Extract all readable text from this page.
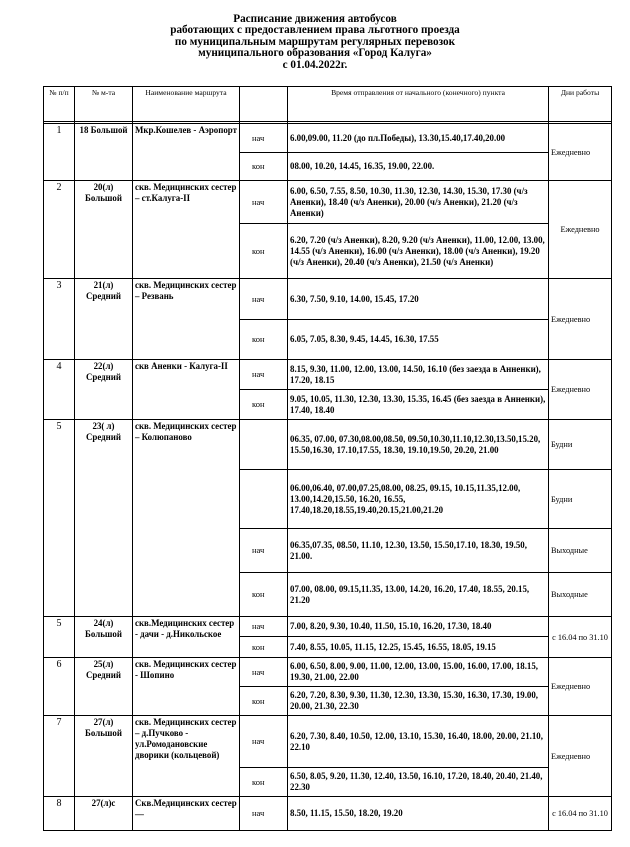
Расписание движения автобусов
работающих с предоставлением права льготного проезда
по муниципальным маршрутам регулярных перевозок
муниципального образования «Город Калуга»
с 01.04.2022г.
№ п/п	№ м-та	Наименование маршрута		Время отправления от начального (конечного) пункта	Дни работы

1	18 Большой	Мкр.Кошелев - Аэропорт	нач	6.00,09.00, 11.20 (до пл.Победы), 13.30,15.40,17.40,20.00	Ежедневно
			кон	08.00, 10.20, 14.45, 16.35, 19.00, 22.00.	
2	20(л) Большой	скв. Медицинских сестер – ст.Калуга-II	нач	6.00, 6.50, 7.55, 8.50, 10.30, 11.30, 12.30, 14.30, 15.30, 17.30 (ч/з Аненки), 18.40 (ч/з Аненки), 20.00 (ч/з Аненки), 21.20 (ч/з Аненки)	Ежедневно
			кон	6.20, 7.20 (ч/з Аненки), 8.20, 9.20 (ч/з Аненки), 11.00, 12.00, 13.00, 14.55 (ч/з Аненки), 16.00 (ч/з Аненки), 18.00 (ч/з Аненки), 19.20 (ч/з Аненки), 20.40 (ч/з Аненки), 21.50 (ч/з Аненки)	
3	21(л) Средний	скв. Медицинских сестер – Резвань	нач	6.30, 7.50, 9.10, 14.00, 15.45, 17.20	Ежедневно
			кон	6.05, 7.05, 8.30, 9.45, 14.45, 16.30, 17.55	
4	22(л) Средний	скв Аненки - Калуга-II	нач	8.15, 9.30, 11.00, 12.00, 13.00, 14.50, 16.10 (без заезда в Анненки), 17.20, 18.15	Ежедневно
			кон	9.05, 10.05, 11.30, 12.30, 13.30, 15.35, 16.45 (без заезда в Анненки), 17.40, 18.40	
5	23( л) Средний	скв. Медицинских сестер – Колюпаново		06.35, 07.00, 07.30,08.00,08.50, 09.50,10.30,11.10,12.30,13.50,15.20, 15.50,16.30, 17.10,17.55, 18.30, 19.10,19.50, 20.20, 21.00	Будни
				06.00,06.40, 07.00,07.25,08.00, 08.25, 09.15, 10.15,11.35,12.00, 13.00,14.20,15.50, 16.20, 16.55, 17.40,18.20,18.55,19.40,20.15,21.00,21.20	Будни
			нач	06.35,07.35, 08.50, 11.10, 12.30, 13.50, 15.50,17.10, 18.30, 19.50, 21.00.	Выходные
			кон	07.00, 08.00, 09.15,11.35, 13.00, 14.20, 16.20, 17.40, 18.55, 20.15, 21.20	Выходные
5	24(л) Большой	скв.Медицинских сестер - дачи - д.Никольское	нач	7.00, 8.20, 9.30, 10.40, 11.50, 15.10, 16.20, 17.30, 18.40	с 16.04 по 31.10
			кон	7.40, 8.55, 10.05, 11.15, 12.25, 15.45, 16.55, 18.05, 19.15	
6	25(л) Средний	скв. Медицинских сестер - Шопино	нач	6.00, 6.50, 8.00, 9.00, 11.00, 12.00, 13.00, 15.00, 16.00, 17.00, 18.15, 19.30, 21.00, 22.00	Ежедневно
			кон	6.20, 7.20, 8.30, 9.30, 11.30, 12.30, 13.30, 15.30, 16.30, 17.30, 19.00, 20.00, 21.30, 22.30	
7	27(л) Большой	скв. Медицинских сестер – д.Пучково - ул.Ромодановские дворики (кольцевой)	нач	6.20, 7.30, 8.40, 10.50, 12.00, 13.10, 15.30, 16.40, 18.00, 20.00, 21.10, 22.10	Ежедневно
			кон	6.50, 8.05, 9.20, 11.30, 12.40, 13.50, 16.10, 17.20, 18.40, 20.40, 21.40, 22.30	
8	27(л)с	Скв.Медицинских сестер —	нач	8.50, 11.15, 15.50, 18.20, 19.20	с 16.04 по 31.10
